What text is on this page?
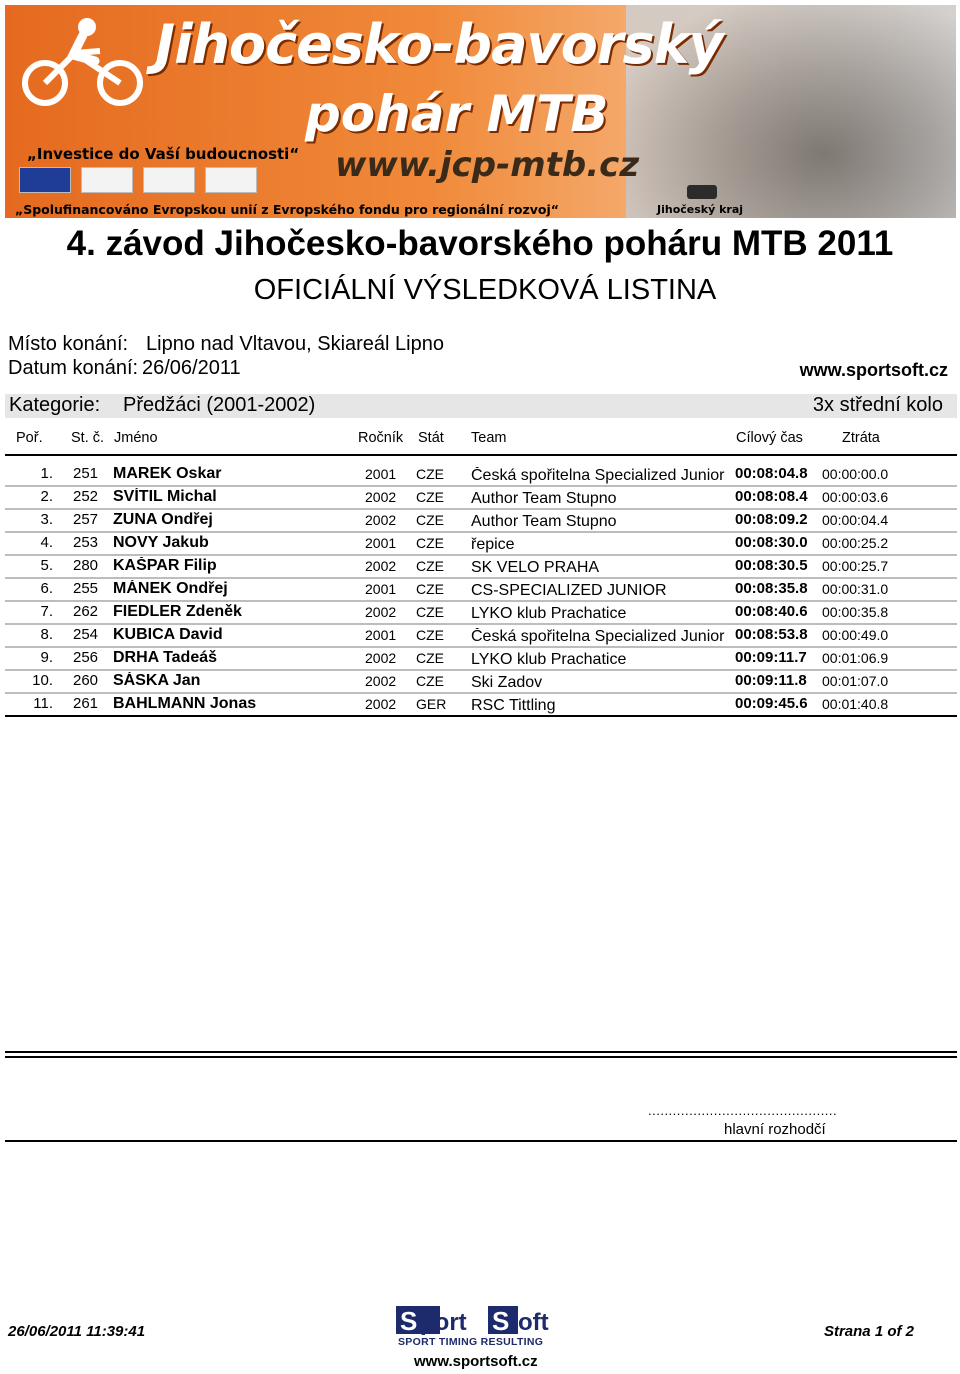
Jihočesko-bavorský
pohár MTB
„Investice do Vaší budoucnosti“ www.jcp-mtb.cz
„Spolufinancováno Evropskou unií z Evropského fondu pro regionální rozvoj“	Jihočeský kraj
4. závod Jihočesko-bavorského poháru MTB 2011
OFICIÁLNÍ VÝSLEDKOVÁ LISTINA
Místo konání: Lipno nad Vltavou, Skiareál Lipno
Datum konání: 26/06/2011	www.sportsoft.cz
Kategorie: Předžáci (2001-2002)	3x střední kolo
Poř. St. č. Jméno	Ročník Stát Team	Cílový čas	Ztráta
1. 251 MAREK Oskar	2001	CZE	Česká spořitelna Specialized Junior 00:08:04.8	00:00:00.0
2. 252 SVÍTIL Michal	2002	CZE	Author Team Stupno	00:08:08.4	00:00:03.6
3. 257 ZUNA Ondřej	2002	CZE	Author Team Stupno	00:08:09.2	00:00:04.4
4. 253 NOVY Jakub	2001	CZE	řepice	00:08:30.0	00:00:25.2
5. 280 KAŠPAR Filip	2002	CZE	SK VELO PRAHA	00:08:30.5	00:00:25.7
6. 255 MÁNEK Ondřej	2001	CZE	CS-SPECIALIZED JUNIOR	00:08:35.8	00:00:31.0
7. 262 FIEDLER Zdeněk	2002	CZE	LYKO klub Prachatice	00:08:40.6	00:00:35.8
8. 254 KUBICA David	2001	CZE	Česká spořitelna Specialized Junior 00:08:53.8	00:00:49.0
9. 256 DRHA Tadeáš	2002	CZE	LYKO klub Prachatice	00:09:11.7	00:01:06.9
10. 260 SÁSKA Jan	2002	CZE	Ski Zadov	00:09:11.8	00:01:07.0
11. 261 BAHLMANN Jonas	2002	GER	RSC Tittling	00:09:45.6	00:01:40.8
..............................................
hlavní rozhodčí
26/06/2011 11:39:41	S port S oft
SPORT TIMING RESULTING
www.sportsoft.cz
Strana 1 of 2
